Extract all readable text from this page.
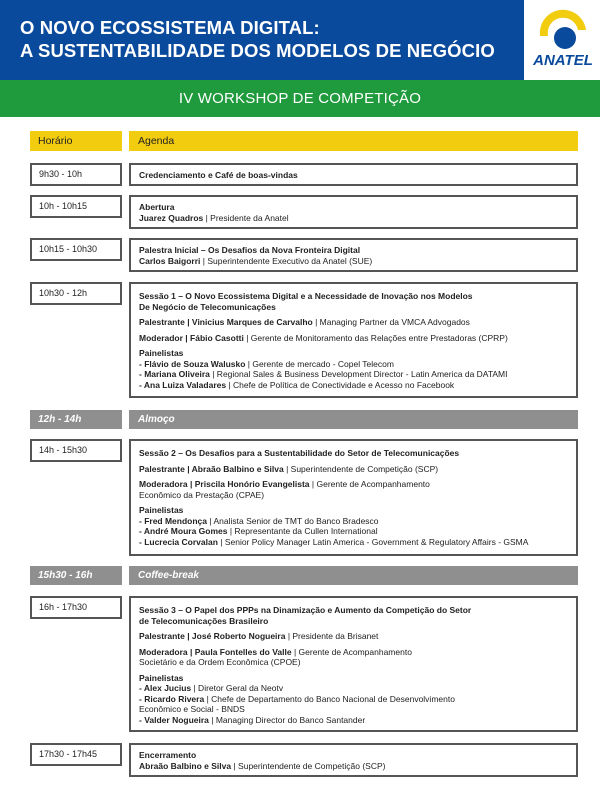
O NOVO ECOSSISTEMA DIGITAL:
A SUSTENTABILIDADE DOS MODELOS DE NEGÓCIO	ANATEL
IV WORKSHOP DE COMPETIÇÃO
Horário	Agenda
9h30 - 10h	Credenciamento e Café de boas-vindas
10h - 10h15	Abertura
Juarez Quadros | Presidente da Anatel
10h15 - 10h30	Palestra Inicial – Os Desafios da Nova Fronteira Digital
Carlos Baigorri | Superintendente Executivo da Anatel (SUE)
10h30 - 12h	Sessão 1 – O Novo Ecossistema Digital e a Necessidade de Inovação nos Modelos
De Negócio de Telecomunicações
Palestrante | Vinicius Marques de Carvalho | Managing Partner da VMCA Advogados
Moderador | Fábio Casotti | Gerente de Monitoramento das Relações entre Prestadoras (CPRP)
Painelistas
- Flávio de Souza Walusko | Gerente de mercado - Copel Telecom
- Mariana Oliveira | Regional Sales & Business Development Director - Latin America da DATAMI
- Ana Luiza Valadares | Chefe de Política de Conectividade e Acesso no Facebook
12h - 14h	Almoço
14h - 15h30	Sessão 2 – Os Desafios para a Sustentabilidade do Setor de Telecomunicações
Palestrante | Abraão Balbino e Silva | Superintendente de Competição (SCP)
Moderadora | Priscila Honório Evangelista | Gerente de Acompanhamento
Econômico da Prestação (CPAE)
Painelistas
- Fred Mendonça | Analista Senior de TMT do Banco Bradesco
- André Moura Gomes | Representante da Cullen International
- Lucrecia Corvalan | Senior Policy Manager Latin America - Government & Regulatory Affairs - GSMA
15h30 - 16h	Coffee-break
16h - 17h30	Sessão 3 – O Papel dos PPPs na Dinamização e Aumento da Competição do Setor
de Telecomunicações Brasileiro
Palestrante | José Roberto Nogueira | Presidente da Brisanet
Moderadora | Paula Fontelles do Valle | Gerente de Acompanhamento
Societário e da Ordem Econômica (CPOE)
Painelistas
- Alex Jucius | Diretor Geral da Neotv
- Ricardo Rivera | Chefe de Departamento do Banco Nacional de Desenvolvimento
Econômico e Social - BNDS
- Valder Nogueira | Managing Director do Banco Santander
17h30 - 17h45	Encerramento
Abraão Balbino e Silva | Superintendente de Competição (SCP)
